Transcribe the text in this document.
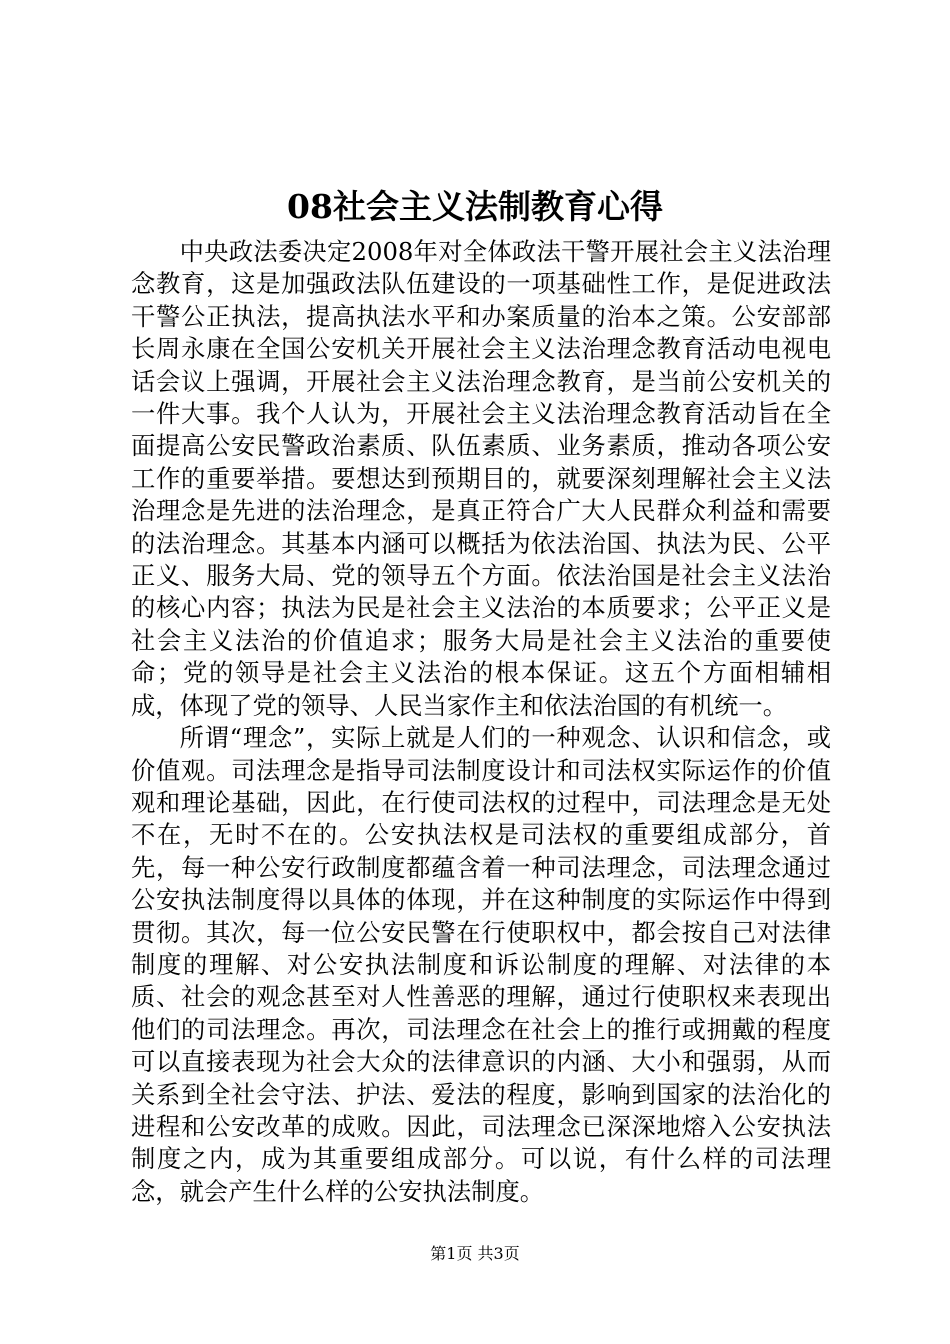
08社会主义法制教育心得

中央政法委决定2008年对全体政法干警开展社会主义法治理念教育，这是加强政法队伍建设的一项基础性工作，是促进政法干警公正执法，提高执法水平和办案质量的治本之策。公安部部长周永康在全国公安机关开展社会主义法治理念教育活动电视电话会议上强调，开展社会主义法治理念教育，是当前公安机关的一件大事。我个人认为，开展社会主义法治理念教育活动旨在全面提高公安民警政治素质、队伍素质、业务素质，推动各项公安工作的重要举措。要想达到预期目的，就要深刻理解社会主义法治理念是先进的法治理念，是真正符合广大人民群众利益和需要的法治理念。其基本内涵可以概括为依法治国、执法为民、公平正义、服务大局、党的领导五个方面。依法治国是社会主义法治的核心内容；执法为民是社会主义法治的本质要求；公平正义是社会主义法治的价值追求；服务大局是社会主义法治的重要使命；党的领导是社会主义法治的根本保证。这五个方面相辅相成，体现了党的领导、人民当家作主和依法治国的有机统一。

所谓“理念”，实际上就是人们的一种观念、认识和信念，或价值观。司法理念是指导司法制度设计和司法权实际运作的价值观和理论基础，因此，在行使司法权的过程中，司法理念是无处不在，无时不在的。公安执法权是司法权的重要组成部分，首先，每一种公安行政制度都蕴含着一种司法理念，司法理念通过公安执法制度得以具体的体现，并在这种制度的实际运作中得到贯彻。其次，每一位公安民警在行使职权中，都会按自己对法律制度的理解、对公安执法制度和诉讼制度的理解、对法律的本质、社会的观念甚至对人性善恶的理解，通过行使职权来表现出他们的司法理念。再次，司法理念在社会上的推行或拥戴的程度可以直接表现为社会大众的法律意识的内涵、大小和强弱，从而关系到全社会守法、护法、爱法的程度，影响到国家的法治化的进程和公安改革的成败。因此，司法理念已深深地熔入公安执法制度之内，成为其重要组成部分。可以说，有什么样的司法理念，就会产生什么样的公安执法制度。

第1页 共3页
